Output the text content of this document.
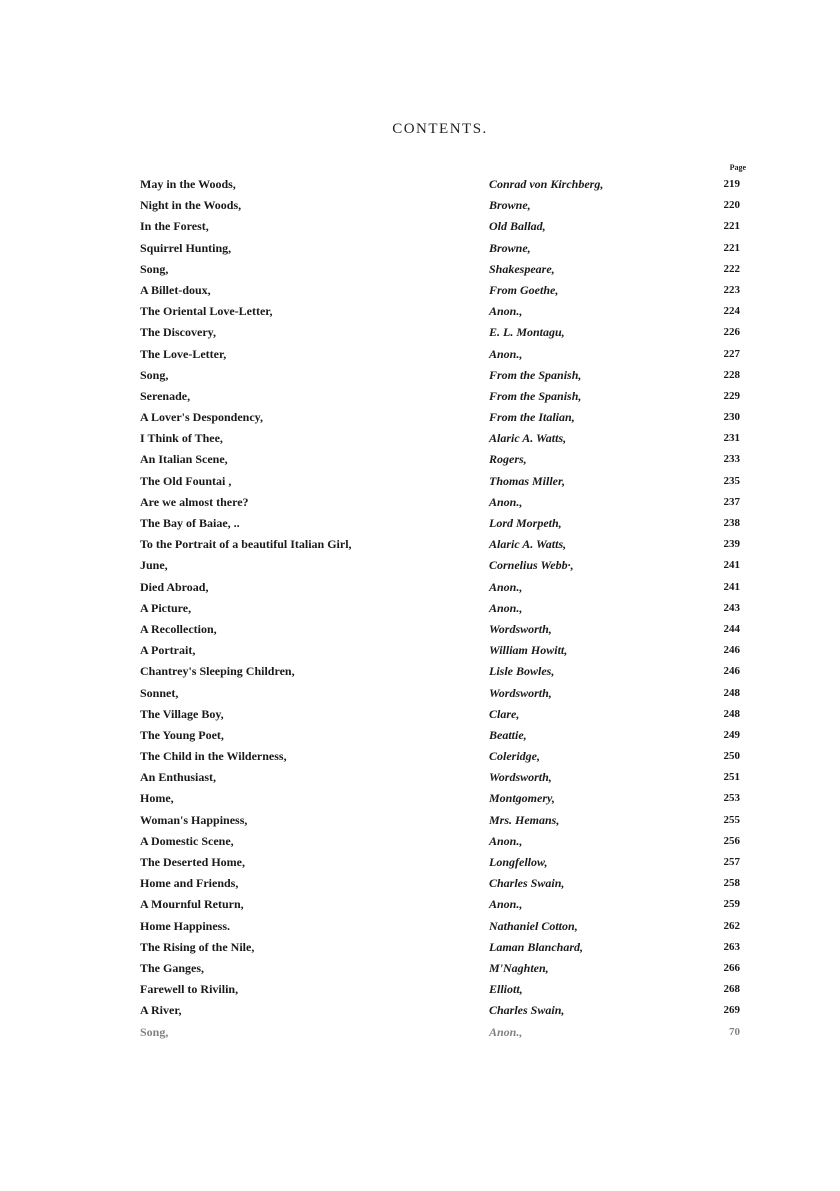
CONTENTS.
Page
May in the Woods,	Conrad von Kirchberg,	219
Night in the Woods,	Browne,	220
In the Forest,	Old Ballad,	221
Squirrel Hunting,	Browne,	221
Song,	Shakespeare,	222
A Billet-doux,	From Goethe,	223
The Oriental Love-Letter,	Anon.,	224
The Discovery,	E. L. Montagu,	226
The Love-Letter,	Anon.,	227
Song,	From the Spanish,	228
Serenade,	From the Spanish,	229
A Lover's Despondency,	From the Italian,	230
I Think of Thee,	Alaric A. Watts,	231
An Italian Scene,	Rogers,	233
The Old Fountai ,	Thomas Miller,	235
Are we almost there?	Anon.,	237
The Bay of Baiae, ..	Lord Morpeth,	238
To the Portrait of a beautiful Italian Girl,	Alaric A. Watts,	239
June,	Cornelius Webb·,	241
Died Abroad,	Anon.,	241
A Picture,	Anon.,	243
A Recollection,	Wordsworth,	244
A Portrait,	William Howitt,	246
Chantrey's Sleeping Children,	Lisle Bowles,	246
Sonnet,	Wordsworth,	248
The Village Boy,	Clare,	248
The Young Poet,	Beattie,	249
The Child in the Wilderness,	Coleridge,	250
An Enthusiast,	Wordsworth,	251
Home,	Montgomery,	253
Woman's Happiness,	Mrs. Hemans,	255
A Domestic Scene,	Anon.,	256
The Deserted Home,	Longfellow,	257
Home and Friends,	Charles Swain,	258
A Mournful Return,	Anon.,	259
Home Happiness.	Nathaniel Cotton,	262
The Rising of the Nile,	Laman Blanchard,	263
The Ganges,	M'Naghten,	266
Farewell to Rivilin,	Elliott,	268
A River,	Charles Swain,	269
Song,	Anon.,	70
